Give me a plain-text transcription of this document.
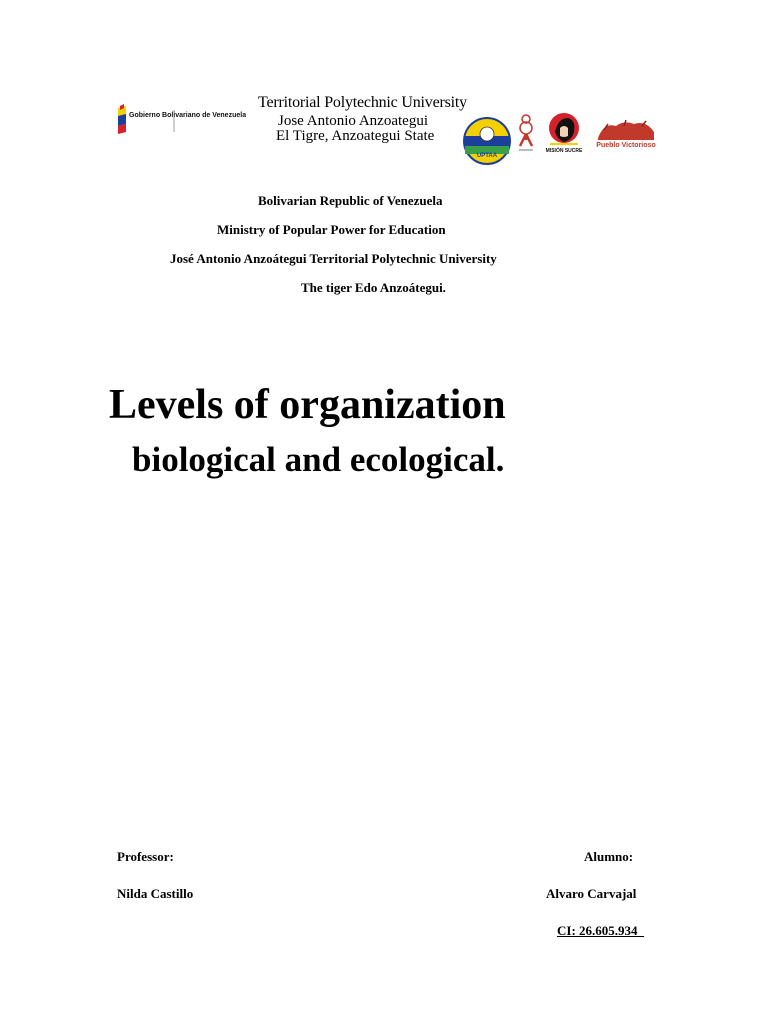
Gobierno Bolivariano de Venezuela
Territorial Polytechnic University
Jose Antonio Anzoategui
El Tigre, Anzoategui State
UPTAA
MISIÓN SUCRE
Pueblo Victorioso
Bolivarian Republic of Venezuela
Ministry of Popular Power for Education
José Antonio Anzoátegui Territorial Polytechnic University
The tiger Edo Anzoátegui.
Levels of organization
biological and ecological.
Professor:
Nilda Castillo
Alumno:
Alvaro Carvajal
CI: 26.605.934
